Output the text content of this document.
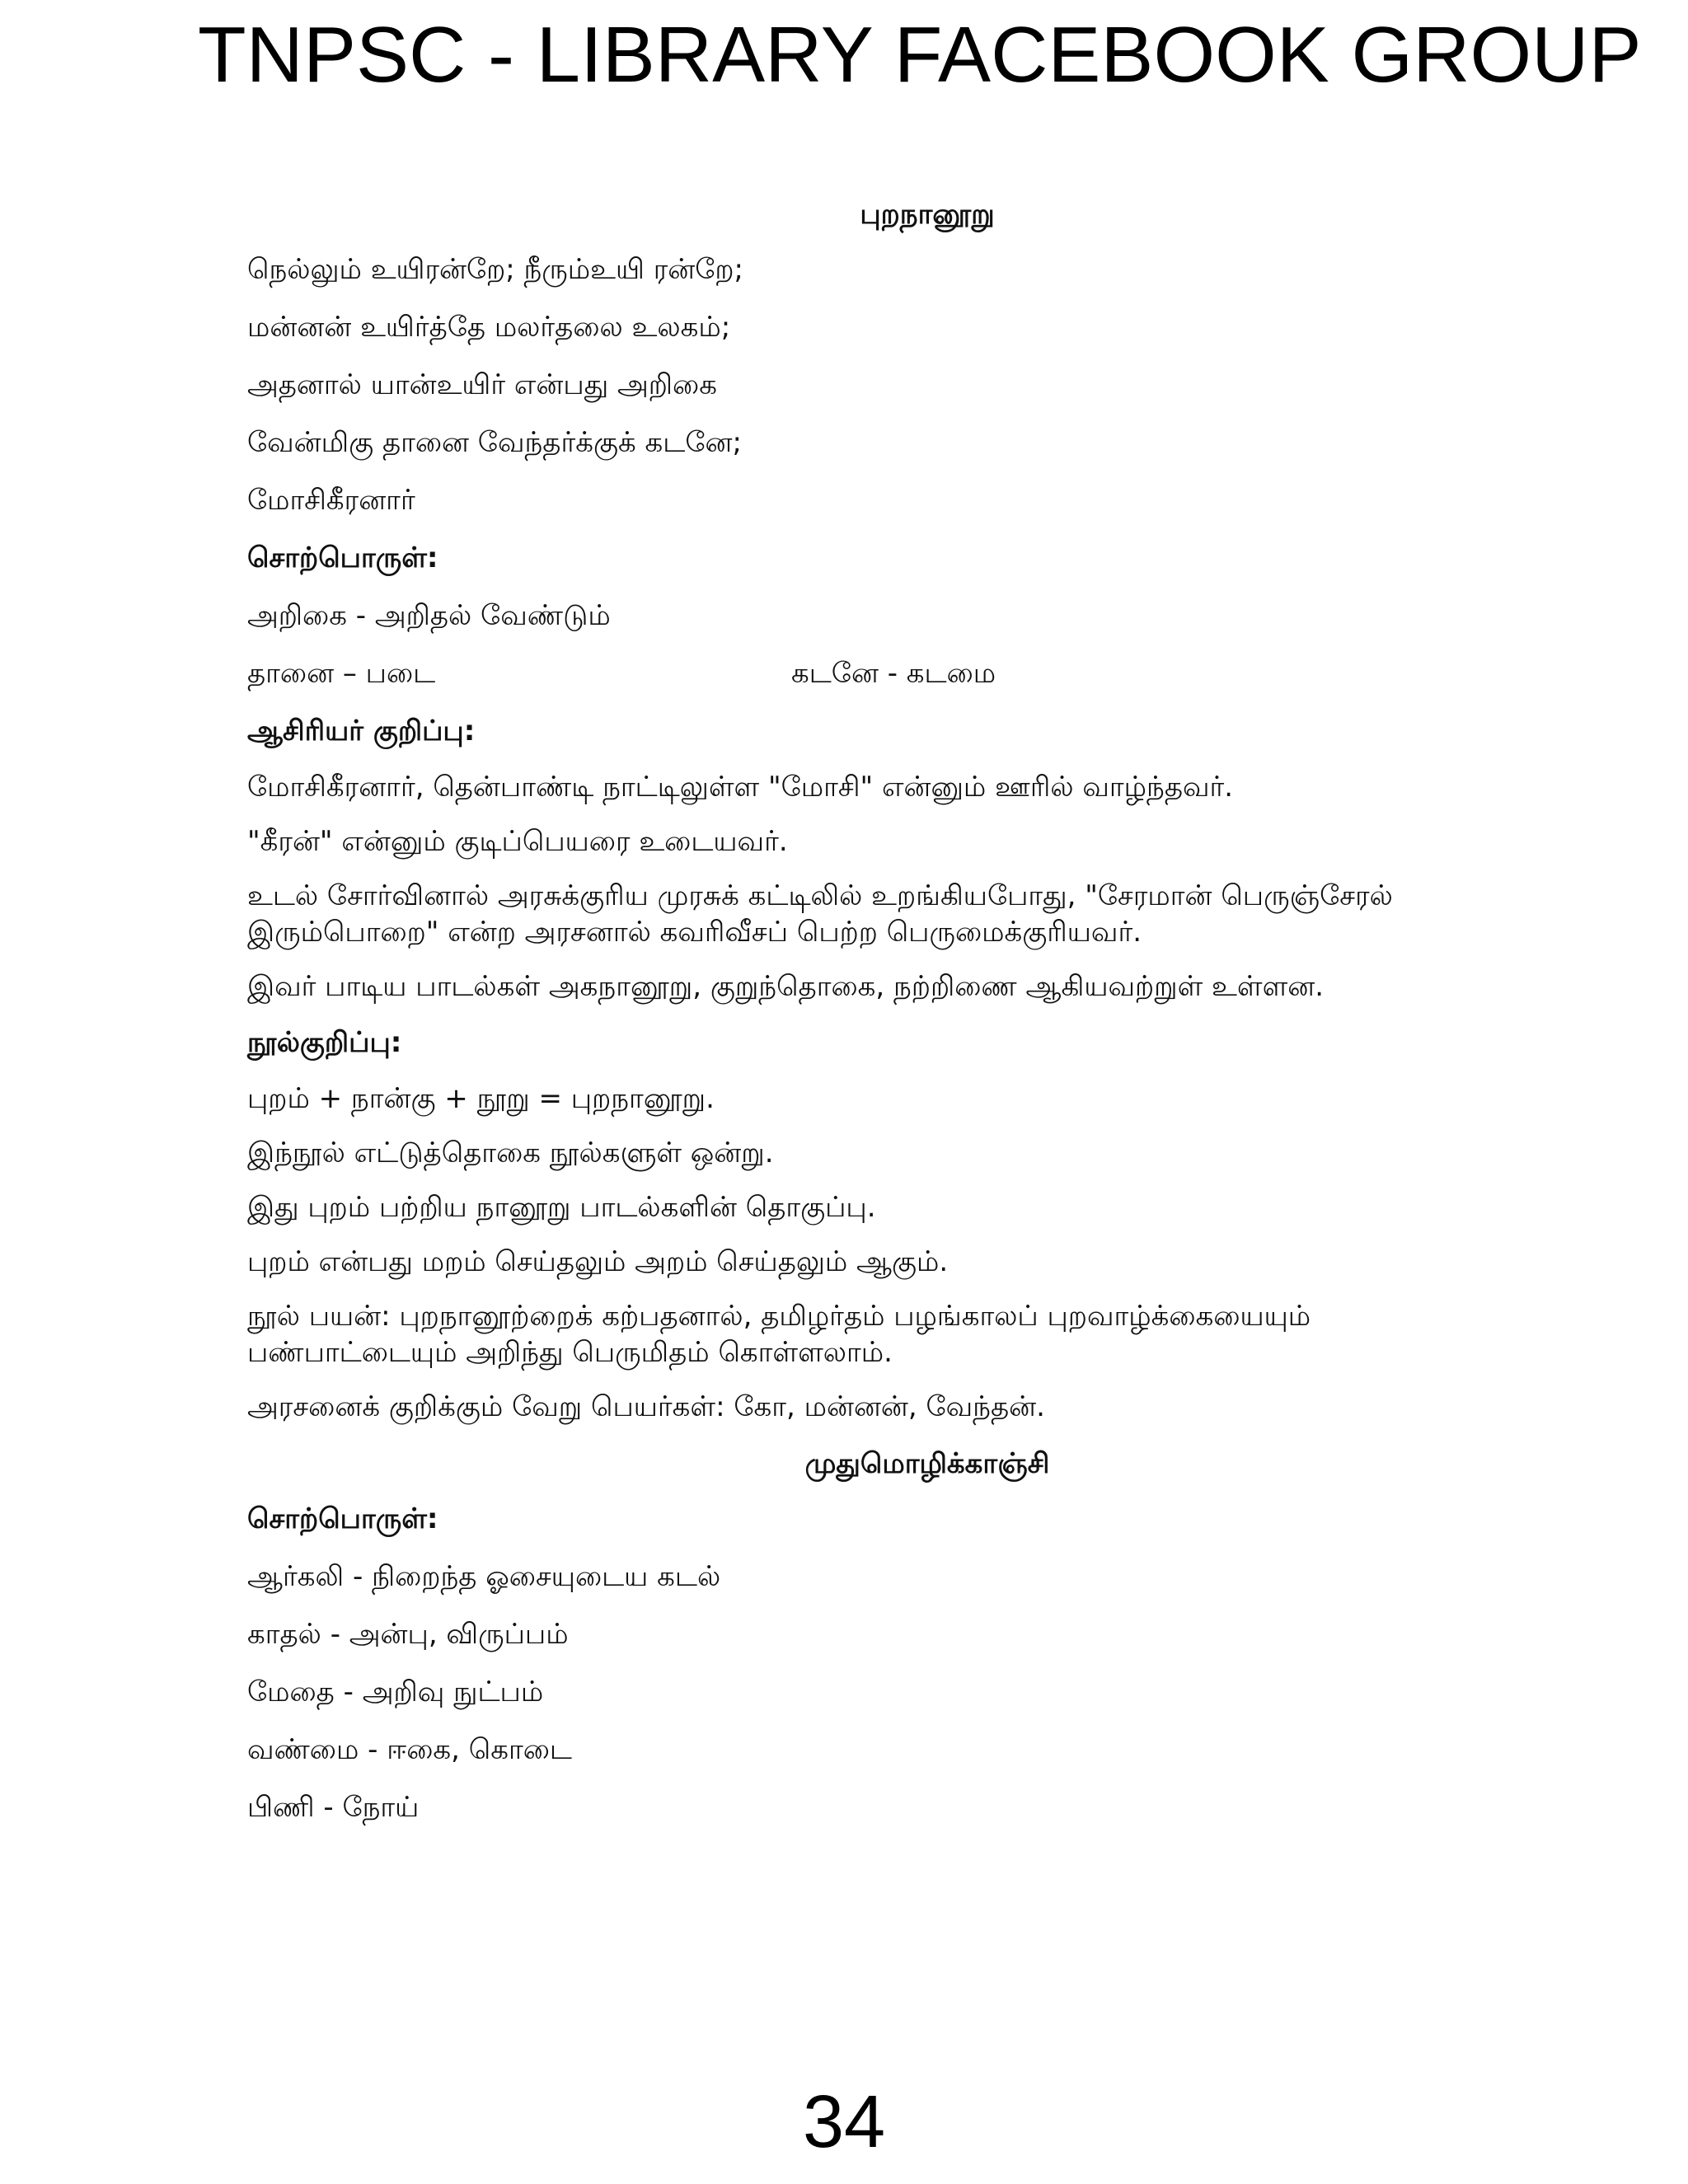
TNPSC - LIBRARY FACEBOOK GROUP
புறநானூறு
நெல்லும் உயிரன்றே; நீரும்உயி ரன்றே;
மன்னன் உயிர்த்தே மலர்தலை உலகம்;
அதனால் யான்உயிர் என்பது அறிகை
வேன்மிகு தானை வேந்தர்க்குக் கடனே;
மோசிகீரனார்
சொற்பொருள்:
அறிகை - அறிதல் வேண்டும்
தானை – படை	கடனே - கடமை
ஆசிரியர் குறிப்பு:
மோசிகீரனார், தென்பாண்டி நாட்டிலுள்ள "மோசி" என்னும் ஊரில் வாழ்ந்தவர்.
"கீரன்" என்னும் குடிப்பெயரை உடையவர்.
உடல் சோர்வினால் அரசுக்குரிய முரசுக் கட்டிலில் உறங்கியபோது, "சேரமான் பெருஞ்சேரல் இரும்பொறை" என்ற அரசனால் கவரிவீசப் பெற்ற பெருமைக்குரியவர்.
இவர் பாடிய பாடல்கள் அகநானூறு, குறுந்தொகை, நற்றிணை ஆகியவற்றுள் உள்ளன.
நூல்குறிப்பு:
புறம் + நான்கு + நூறு = புறநானூறு.
இந்நூல் எட்டுத்தொகை நூல்களுள் ஒன்று.
இது புறம் பற்றிய நானூறு பாடல்களின் தொகுப்பு.
புறம் என்பது மறம் செய்தலும் அறம் செய்தலும் ஆகும்.
நூல் பயன்: புறநானூற்றைக் கற்பதனால், தமிழர்தம் பழங்காலப் புறவாழ்க்கையையும் பண்பாட்டையும் அறிந்து பெருமிதம் கொள்ளலாம்.
அரசனைக் குறிக்கும் வேறு பெயர்கள்: கோ, மன்னன், வேந்தன்.
முதுமொழிக்காஞ்சி
சொற்பொருள்:
ஆர்கலி - நிறைந்த ஓசையுடைய கடல்
காதல் - அன்பு, விருப்பம்
மேதை - அறிவு நுட்பம்
வண்மை - ஈகை, கொடை
பிணி - நோய்
34
